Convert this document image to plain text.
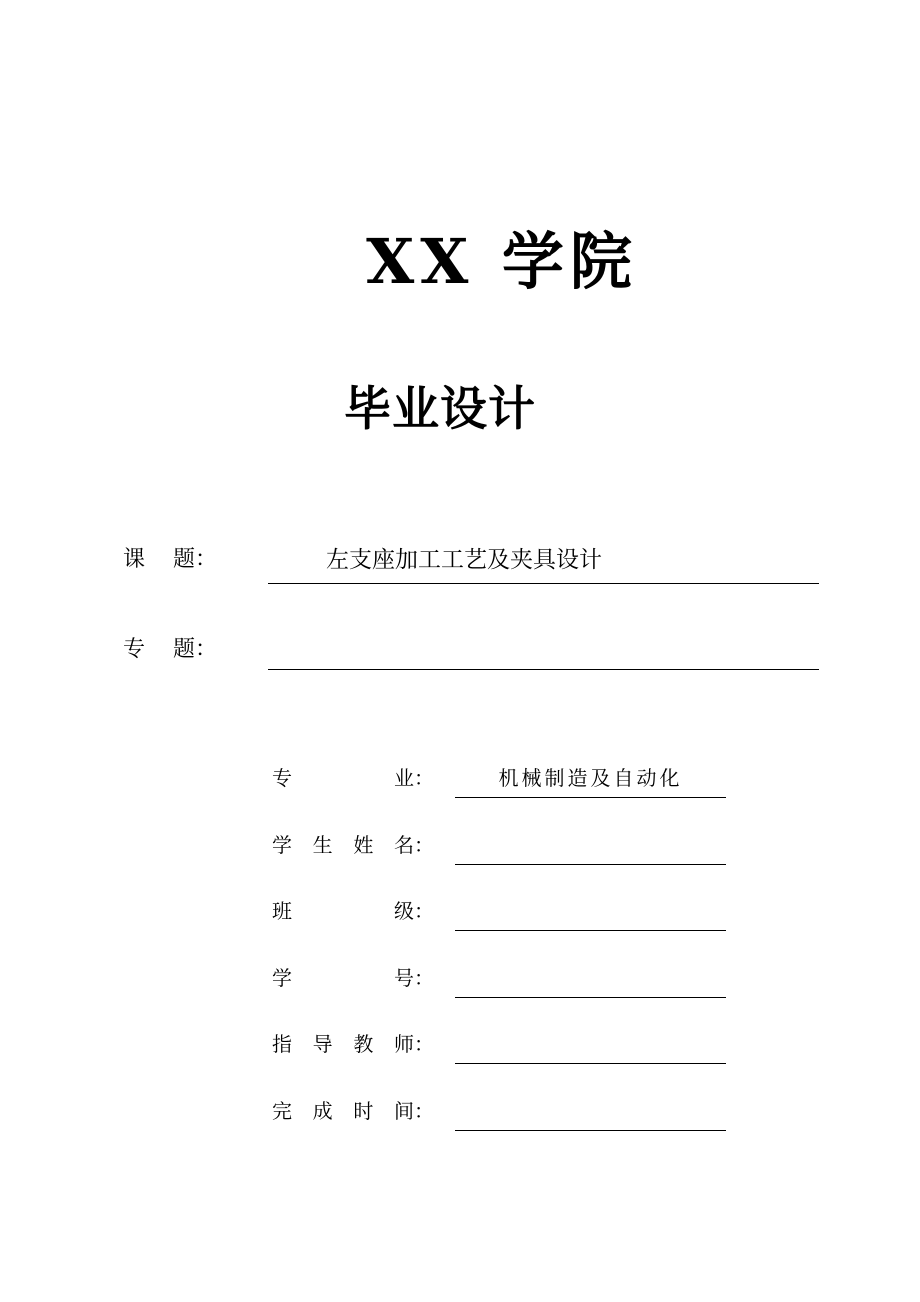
XX 学院
毕业设计
课    题：	左支座加工工艺及夹具设计
专    题：
专	业：	机械制造及自动化
学 生 姓 名：
班	级：
学	号：
指 导 教 师：
完 成 时 间：
